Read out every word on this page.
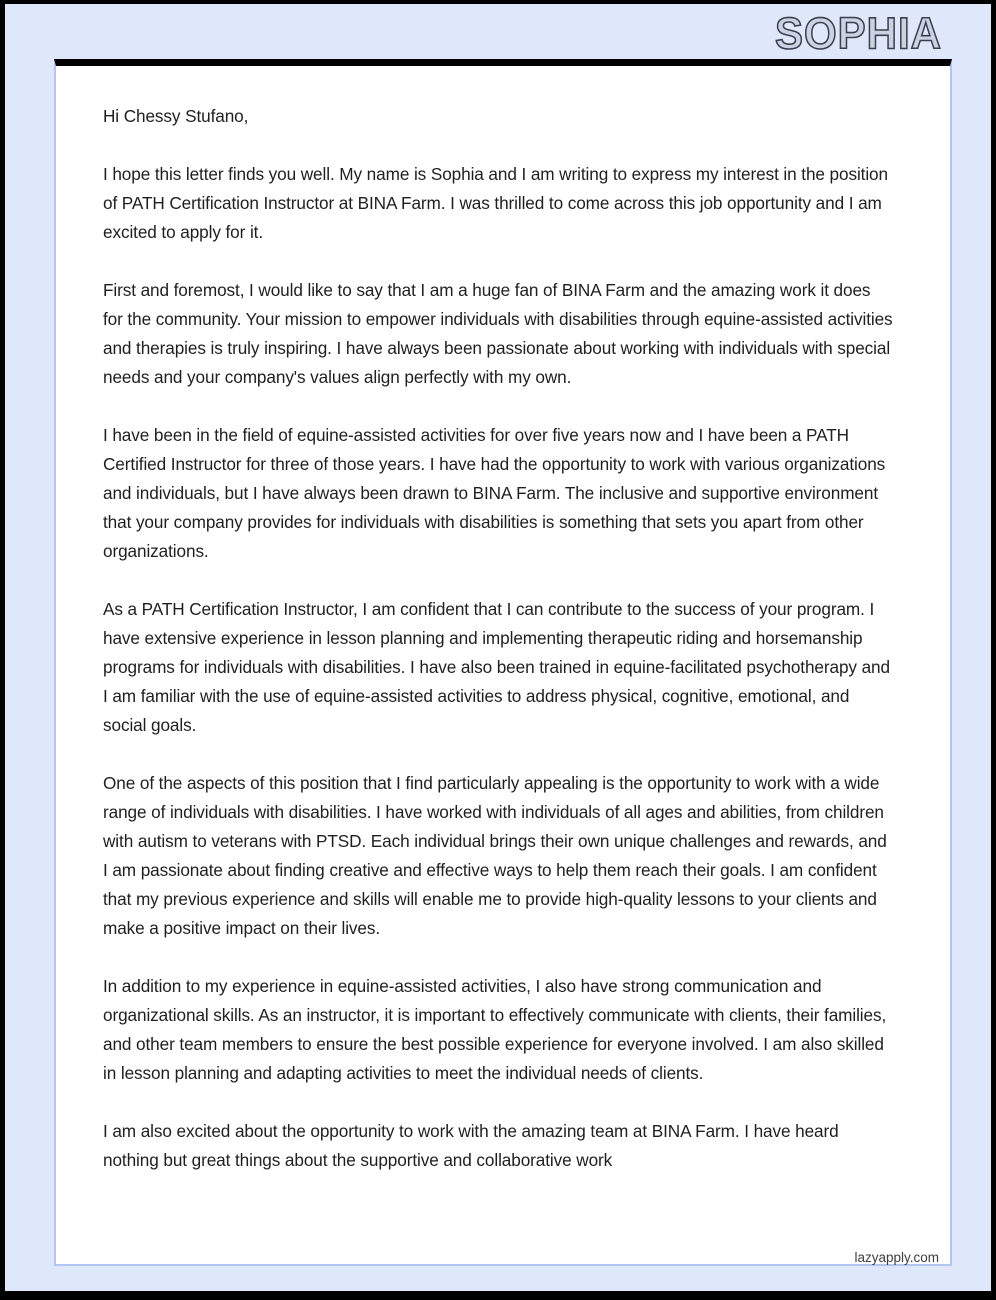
SOPHIA

Hi Chessy Stufano,

I hope this letter finds you well. My name is Sophia and I am writing to express my interest in the position of PATH Certification Instructor at BINA Farm. I was thrilled to come across this job opportunity and I am excited to apply for it.

First and foremost, I would like to say that I am a huge fan of BINA Farm and the amazing work it does for the community. Your mission to empower individuals with disabilities through equine-assisted activities and therapies is truly inspiring. I have always been passionate about working with individuals with special needs and your company's values align perfectly with my own.

I have been in the field of equine-assisted activities for over five years now and I have been a PATH Certified Instructor for three of those years. I have had the opportunity to work with various organizations and individuals, but I have always been drawn to BINA Farm. The inclusive and supportive environment that your company provides for individuals with disabilities is something that sets you apart from other organizations.

As a PATH Certification Instructor, I am confident that I can contribute to the success of your program. I have extensive experience in lesson planning and implementing therapeutic riding and horsemanship programs for individuals with disabilities. I have also been trained in equine-facilitated psychotherapy and I am familiar with the use of equine-assisted activities to address physical, cognitive, emotional, and social goals.

One of the aspects of this position that I find particularly appealing is the opportunity to work with a wide range of individuals with disabilities. I have worked with individuals of all ages and abilities, from children with autism to veterans with PTSD. Each individual brings their own unique challenges and rewards, and I am passionate about finding creative and effective ways to help them reach their goals. I am confident that my previous experience and skills will enable me to provide high-quality lessons to your clients and make a positive impact on their lives.

In addition to my experience in equine-assisted activities, I also have strong communication and organizational skills. As an instructor, it is important to effectively communicate with clients, their families, and other team members to ensure the best possible experience for everyone involved. I am also skilled in lesson planning and adapting activities to meet the individual needs of clients.

I am also excited about the opportunity to work with the amazing team at BINA Farm. I have heard nothing but great things about the supportive and collaborative work

lazyapply.com
